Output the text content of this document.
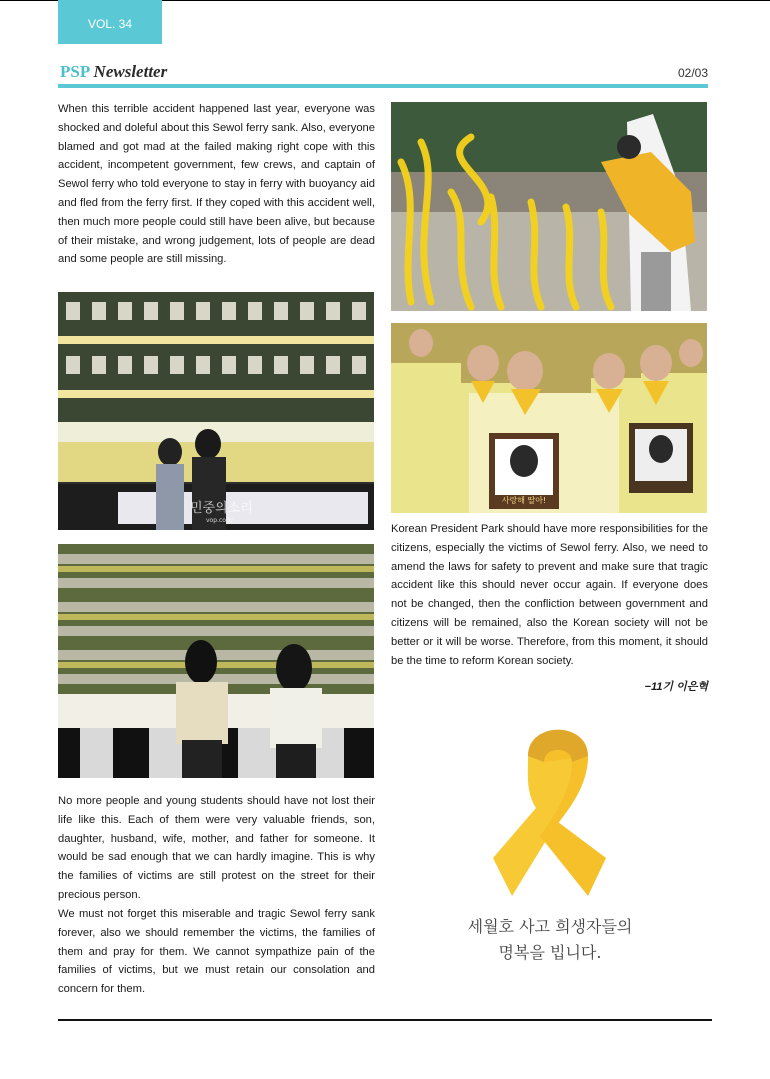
VOL. 34
PSP Newsletter	02/03

When this terrible accident happened last year, everyone was shocked and doleful about this Sewol ferry sank. Also, everyone blamed and got mad at the failed making right cope with this accident, incompetent government, few crews, and captain of Sewol ferry who told everyone to stay in ferry with buoyancy aid and fled from the ferry first. If they coped with this accident well, then much more people could still have been alive, but because of their mistake, and wrong judgement, lots of people are dead and some people are still missing.

민중의소리
vop.co.kr

No more people and young students should have not lost their life like this. Each of them were very valuable friends, son, daughter, husband, wife, mother, and father for someone. It would be sad enough that we can hardly imagine. This is why the families of victims are still protest on the street for their precious person.

We must not forget this miserable and tragic Sewol ferry sank forever, also we should remember the victims, the families of them and pray for them. We cannot sympathize pain of the families of victims, but we must retain our consolation and concern for them.

사랑해 딸아!

Korean President Park should have more responsibilities for the citizens, especially the victims of Sewol ferry. Also, we need to amend the laws for safety to prevent and make sure that tragic accident like this should never occur again. If everyone does not be changed, then the confliction between government and citizens will be remained, also the Korean society will not be better or it will be worse. Therefore, from this moment, it should be the time to reform Korean society.

−11기 이은혁
세월호 사고 희생자들의
명복을 빕니다.
